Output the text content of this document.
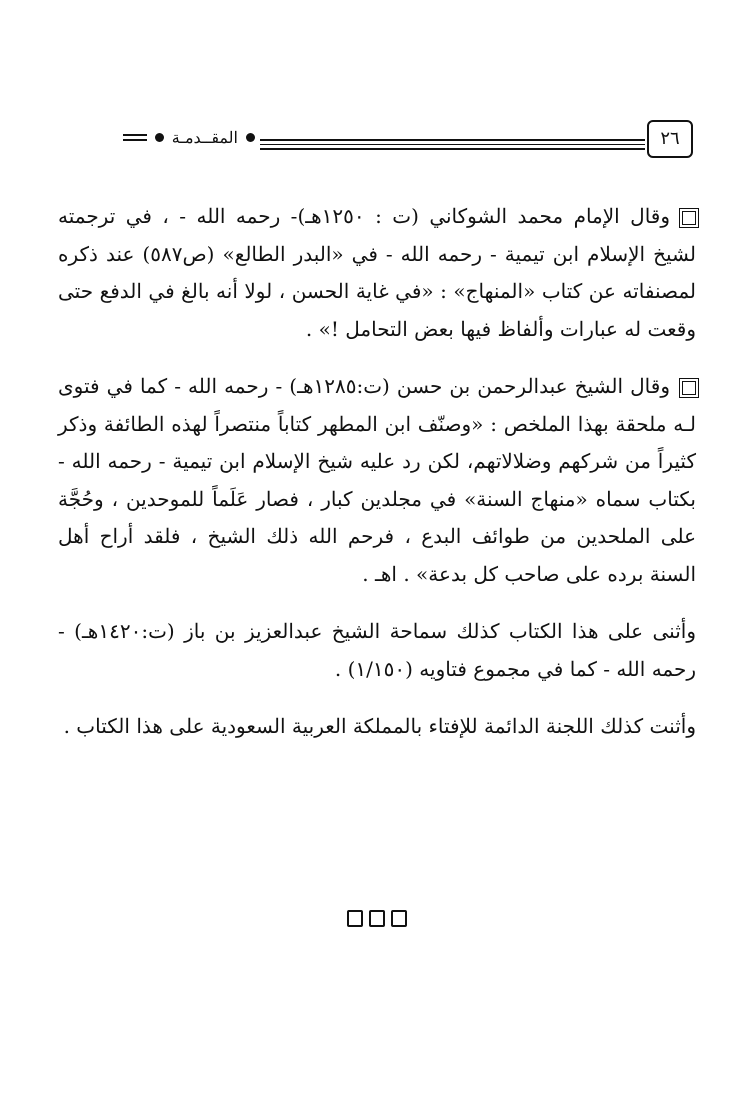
٢٦
المقــدمـة

وقال الإمام محمد الشوكاني (ت : ١٢٥٠هـ)- رحمه الله - ، في ترجمته لشيخ الإسلام ابن تيمية - رحمه الله - في «البدر الطالع» (ص٥٨٧) عند ذكره لمصنفاته عن كتاب «المنهاج» : «في غاية الحسن ، لولا أنه بالغ في الدفع حتى وقعت له عبارات وألفاظ فيها بعض التحامل !» .

وقال الشيخ عبدالرحمن بن حسن (ت:١٢٨٥هـ) - رحمه الله - كما في فتوى لـه ملحقة بهذا الملخص : «وصنّف ابن المطهر كتاباً منتصراً لهذه الطائفة وذكر كثيراً من شركهم وضلالاتهم، لكن رد عليه شيخ الإسلام ابن تيمية - رحمه الله - بكتاب سماه «منهاج السنة» في مجلدين كبار ، فصار عَلَماً للموحدين ، وحُجَّة على الملحدين من طوائف البدع ، فرحم الله ذلك الشيخ ، فلقد أراح أهل السنة برده على صاحب كل بدعة» . اهـ .

وأثنى على هذا الكتاب كذلك سماحة الشيخ عبدالعزيز بن باز (ت:١٤٢٠هـ) - رحمه الله - كما في مجموع فتاويه (١/١٥٠) .

وأثنت كذلك اللجنة الدائمة للإفتاء بالمملكة العربية السعودية على هذا الكتاب .
